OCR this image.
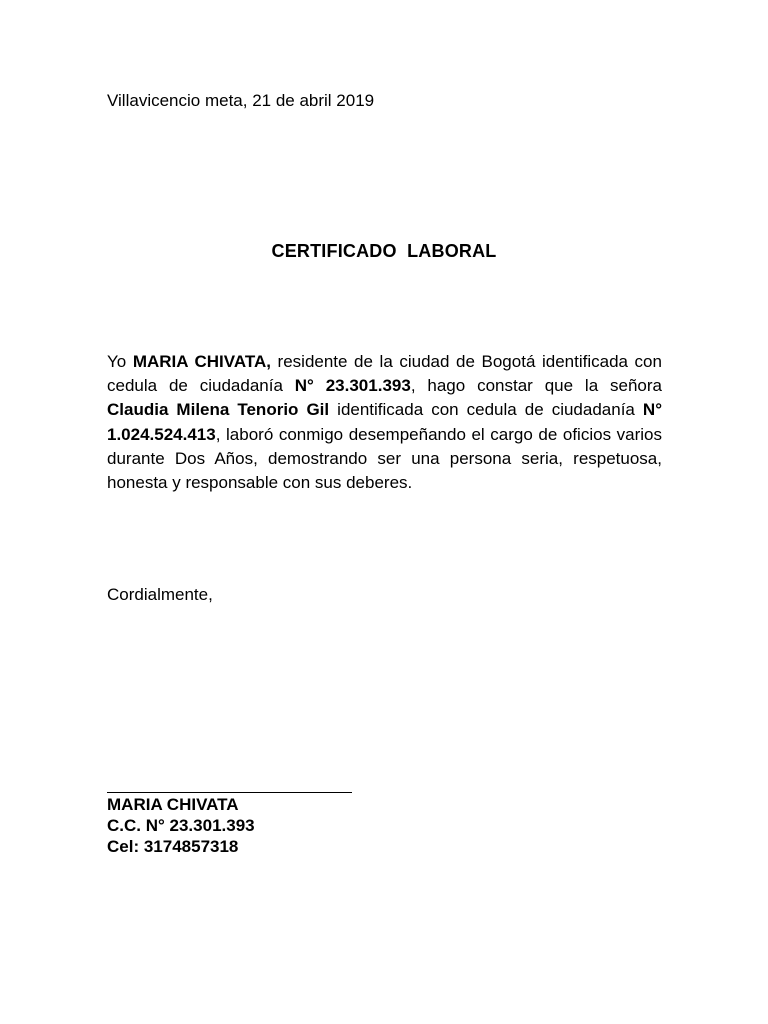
Villavicencio meta, 21 de abril 2019
CERTIFICADO  LABORAL
Yo MARIA CHIVATA, residente de la ciudad de Bogotá identificada con cedula de ciudadanía N° 23.301.393, hago constar que la señora Claudia Milena Tenorio Gil identificada con cedula de ciudadanía N° 1.024.524.413, laboró conmigo desempeñando el cargo de oficios varios durante Dos Años, demostrando ser una persona seria, respetuosa, honesta y responsable con sus deberes.
Cordialmente,
MARIA CHIVATA
C.C. N° 23.301.393
Cel: 3174857318
